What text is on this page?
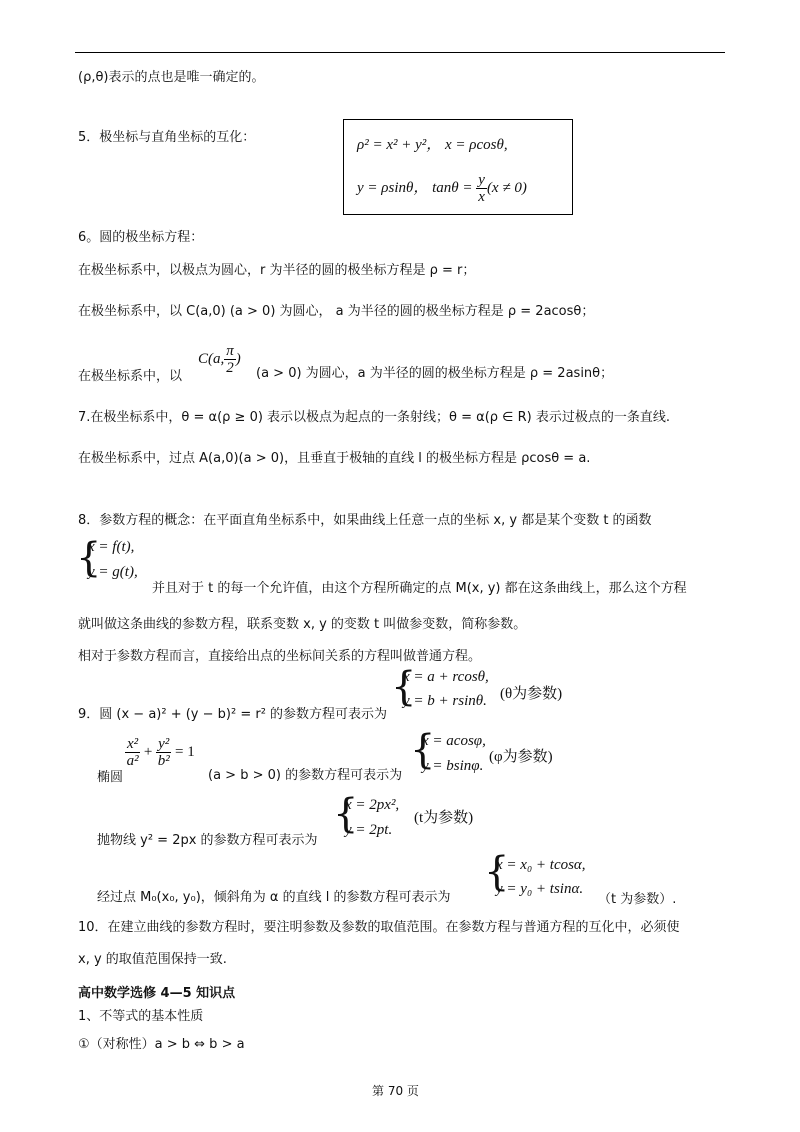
(ρ,θ)表示的点也是唯一确定的。
5．极坐标与直角坐标的互化：	ρ² = x² + y²， x = ρcosθ,
y = ρsinθ， $\tan\theta = \frac{y}{x} (x \ne 0)$
6。圆的极坐标方程：
在极坐标系中，以极点为圆心，r 为半径的圆的极坐标方程是 ρ = r；
在极坐标系中，以 C(a,0) (a > 0) 为圆心， a 为半径的圆的极坐标方程是 ρ = 2acosθ；
在极坐标系中，以
C(a, $\frac{\pi}{2}$ )
(a > 0) 为圆心，a 为半径的圆的极坐标方程是 ρ = 2asinθ；
7.在极坐标系中，θ = α(ρ ≥ 0) 表示以极点为起点的一条射线；θ = α(ρ ∈ R) 表示过极点的一条直线.
在极坐标系中，过点 A(a,0)(a > 0)，且垂直于极轴的直线 l 的极坐标方程是 ρcosθ = a.
8．参数方程的概念：在平面直角坐标系中，如果曲线上任意一点的坐标 x, y 都是某个变数 t 的函数
{
x = f(t),
y = g(t),
并且对于 t 的每一个允许值，由这个方程所确定的点 M(x, y) 都在这条曲线上，那么这个方程
就叫做这条曲线的参数方程，联系变数 x, y 的变数 t 叫做参变数，简称参数。
相对于参数方程而言，直接给出点的坐标间关系的方程叫做普通方程。
9．圆 (x − a)² + (y − b)² = r² 的参数方程可表示为
{
x = a + rcosθ,
y = b + rsinθ. (θ为参数)
椭圆
$\frac{\text{x²}}{\text{a²}} + \frac{\text{y²}}{\text{b²}} = 1$
(a > b > 0) 的参数方程可表示为
{
x = acosφ,
y = bsinφ.
(φ为参数)
抛物线 y² = 2px 的参数方程可表示为
{
x = 2px²,
y = 2pt.
(t为参数)
经过点 M₀(x₀, y₀)，倾斜角为 α 的直线 l 的参数方程可表示为
{
x = x₀ + tcosα,
y = y₀ + tsinα.
（t 为参数）.
10．在建立曲线的参数方程时，要注明参数及参数的取值范围。在参数方程与普通方程的互化中，必须使
x, y 的取值范围保持一致.
高中数学选修 4—5 知识点
1、不等式的基本性质
①（对称性）a > b ⇔ b > a
第 70 页
